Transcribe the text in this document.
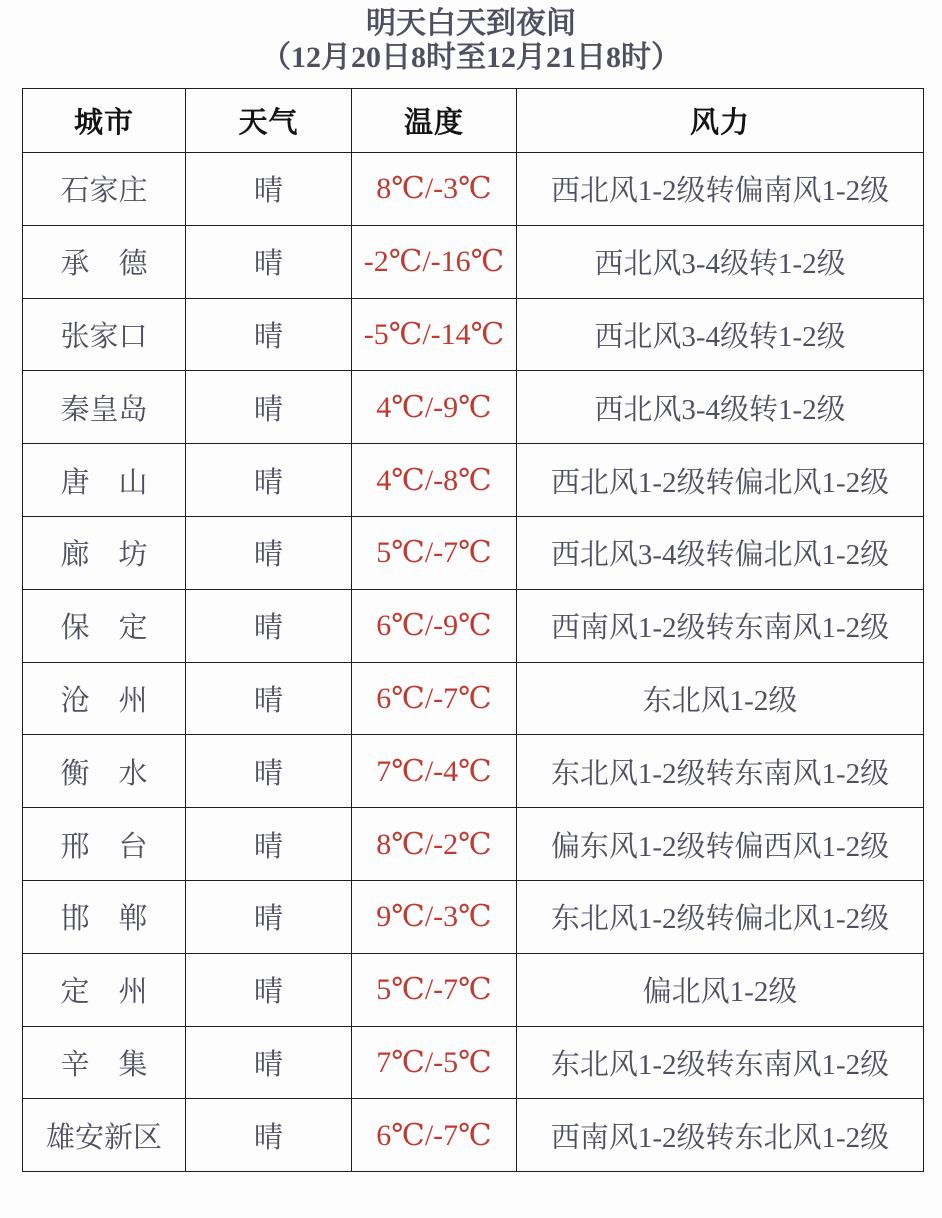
明天白天到夜间
（12月20日8时至12月21日8时）
城市	天气	温度	风力
石家庄	晴	8℃/-3℃	西北风1-2级转偏南风1-2级
承　德	晴	-2℃/-16℃	西北风3-4级转1-2级
张家口	晴	-5℃/-14℃	西北风3-4级转1-2级
秦皇岛	晴	4℃/-9℃	西北风3-4级转1-2级
唐　山	晴	4℃/-8℃	西北风1-2级转偏北风1-2级
廊　坊	晴	5℃/-7℃	西北风3-4级转偏北风1-2级
保　定	晴	6℃/-9℃	西南风1-2级转东南风1-2级
沧　州	晴	6℃/-7℃	东北风1-2级
衡　水	晴	7℃/-4℃	东北风1-2级转东南风1-2级
邢　台	晴	8℃/-2℃	偏东风1-2级转偏西风1-2级
邯　郸	晴	9℃/-3℃	东北风1-2级转偏北风1-2级
定　州	晴	5℃/-7℃	偏北风1-2级
辛　集	晴	7℃/-5℃	东北风1-2级转东南风1-2级
雄安新区	晴	6℃/-7℃	西南风1-2级转东北风1-2级
